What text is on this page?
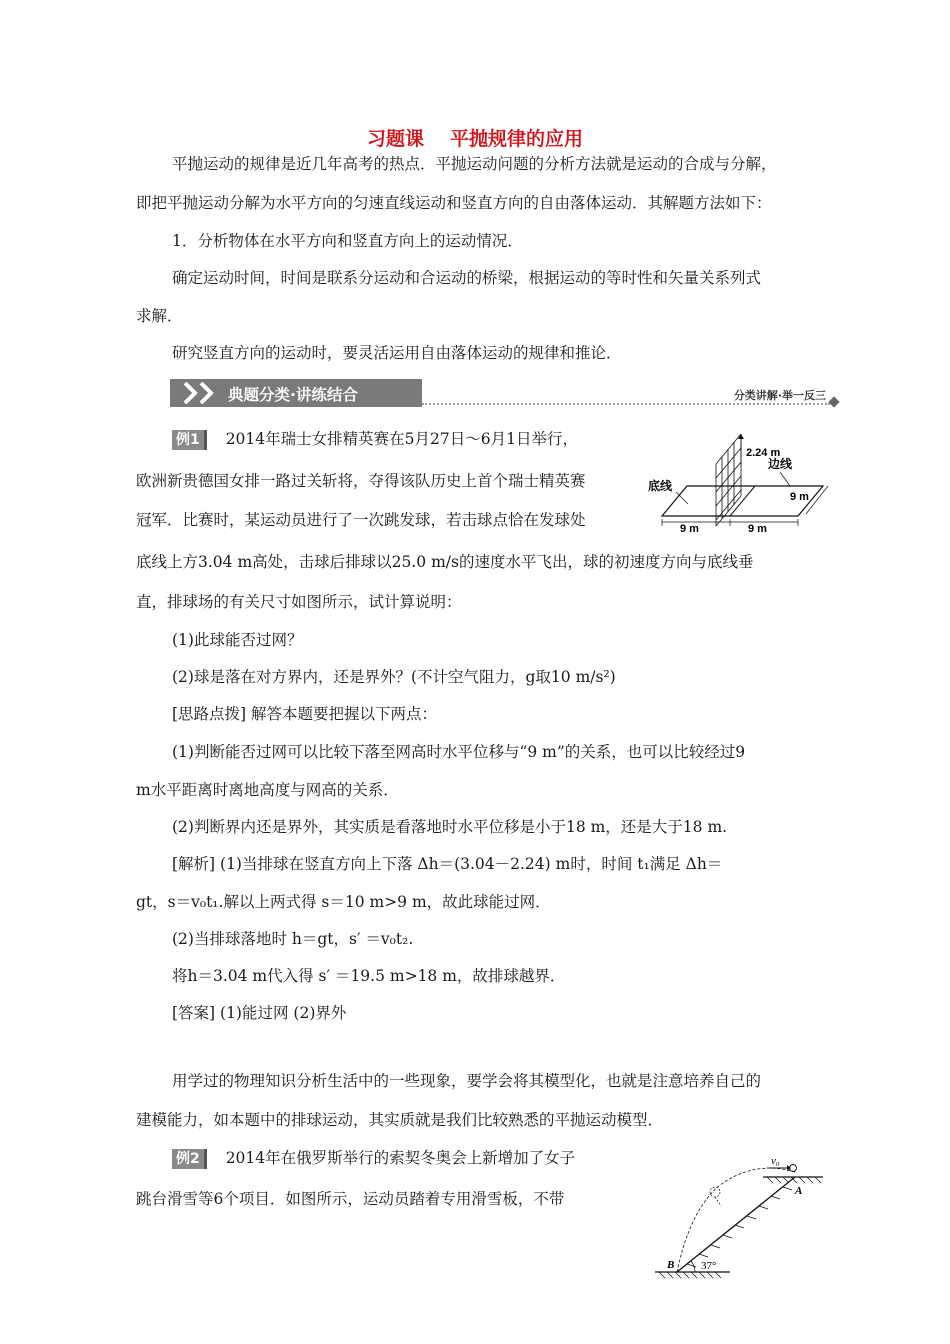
习题课 平抛规律的应用
平抛运动的规律是近几年高考的热点．平抛运动问题的分析方法就是运动的合成与分解，
即把平抛运动分解为水平方向的匀速直线运动和竖直方向的自由落体运动．其解题方法如下：
1．分析物体在水平方向和竖直方向上的运动情况．
确定运动时间，时间是联系分运动和合运动的桥梁，根据运动的等时性和矢量关系列式
求解．
研究竖直方向的运动时，要灵活运用自由落体运动的规律和推论．
典题分类·讲练结合	分类讲解·举一反三
例1 2014年瑞士女排精英赛在5月27日～6月1日举行，
欧洲新贵德国女排一路过关斩将，夺得该队历史上首个瑞士精英赛
冠军．比赛时，某运动员进行了一次跳发球，若击球点恰在发球处
底线上方3.04 m高处，击球后排球以25.0 m/s的速度水平飞出，球的初速度方向与底线垂
直，排球场的有关尺寸如图所示，试计算说明：
(1)此球能否过网？
(2)球是落在对方界内，还是界外？(不计空气阻力，g取10 m/s²)
[思路点拨] 解答本题要把握以下两点：
(1)判断能否过网可以比较下落至网高时水平位移与“9 m”的关系，也可以比较经过9
m水平距离时离地高度与网高的关系．
(2)判断界内还是界外，其实质是看落地时水平位移是小于18 m，还是大于18 m.
[解析] (1)当排球在竖直方向上下落 Δh＝(3.04－2.24) m时，时间 t₁满足 Δh＝
gt，s＝v₀t₁.解以上两式得 s＝10 m>9 m，故此球能过网．
(2)当排球落地时 h＝gt，s′ ＝v₀t₂.
将h＝3.04 m代入得 s′ ＝19.5 m>18 m，故排球越界．
[答案] (1)能过网 (2)界外
2.24 m
边线
底线
9 m
9 m	9 m
用学过的物理知识分析生活中的一些现象，要学会将其模型化，也就是注意培养自己的
建模能力，如本题中的排球运动，其实质就是我们比较熟悉的平抛运动模型．
例2 2014年在俄罗斯举行的索契冬奥会上新增加了女子
跳台滑雪等6个项目．如图所示，运动员踏着专用滑雪板，不带
v₀
A
B 37°
